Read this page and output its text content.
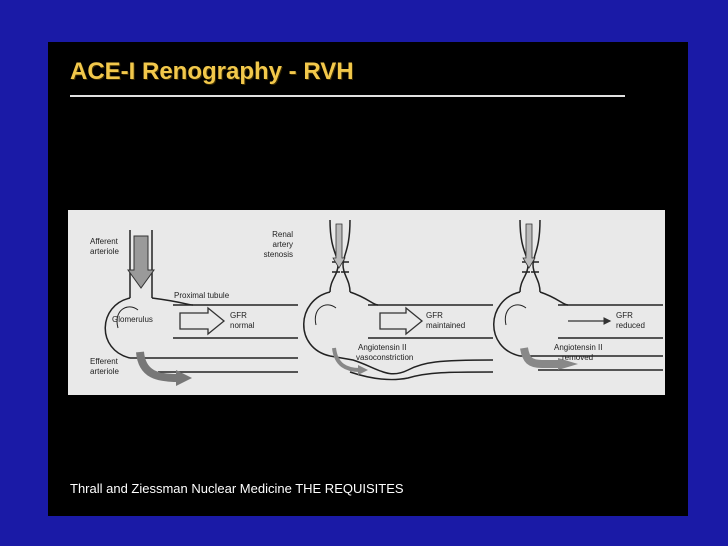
ACE-I Renography - RVH
Afferent
arteriole
Glomerulus
Proximal tubule
GFR
normal
Efferent
arteriole
Renal
artery
stenosis
GFR
maintained
Angiotensin II
vasoconstriction
GFR
reduced
Angiotensin II
removed
Thrall and Ziessman Nuclear Medicine THE REQUISITES
